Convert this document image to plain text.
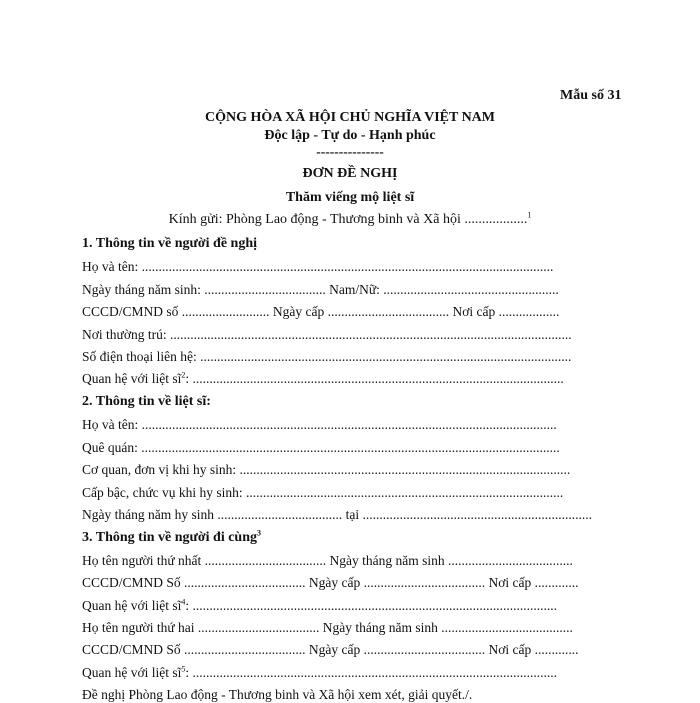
Mẫu số 31
CỘNG HÒA XÃ HỘI CHỦ NGHĨA VIỆT NAM
Độc lập - Tự do - Hạnh phúc
---------------
ĐƠN ĐỀ NGHỊ
Thăm viếng mộ liệt sĩ
Kính gửi: Phòng Lao động - Thương binh và Xã hội ..................$^1$
1. Thông tin về người đề nghị
Họ và tên: ..........................................................................................................................
Ngày tháng năm sinh: .................................... Nam/Nữ: ....................................................
CCCD/CMND số .......................... Ngày cấp .................................... Nơi cấp ..................
Nơi thường trú: .......................................................................................................................
Số điện thoại liên hệ: ..............................................................................................................
Quan hệ với liệt $sĩ^2$: ..............................................................................................................
2. Thông tin về liệt sĩ:
Họ và tên: ...........................................................................................................................
Quê quán: ............................................................................................................................
Cơ quan, đơn vị khi hy sinh: ..................................................................................................
Cấp bậc, chức vụ khi hy sinh: ..............................................................................................
Ngày tháng năm hy sinh ..................................... tại ....................................................................
3. Thông tin về người đi cùng$^3$
Họ tên người thứ nhất .................................... Ngày tháng năm sinh .....................................
CCCD/CMND Số .................................... Ngày cấp .................................... Nơi cấp .............
Quan hệ với liệt $sĩ^4$: ............................................................................................................
Họ tên người thứ hai .................................... Ngày tháng năm sinh .......................................
CCCD/CMND Số .................................... Ngày cấp .................................... Nơi cấp .............
Quan hệ với liệt $sĩ^5$: ............................................................................................................
Đề nghị Phòng Lao động - Thương binh và Xã hội xem xét, giải quyết./.
